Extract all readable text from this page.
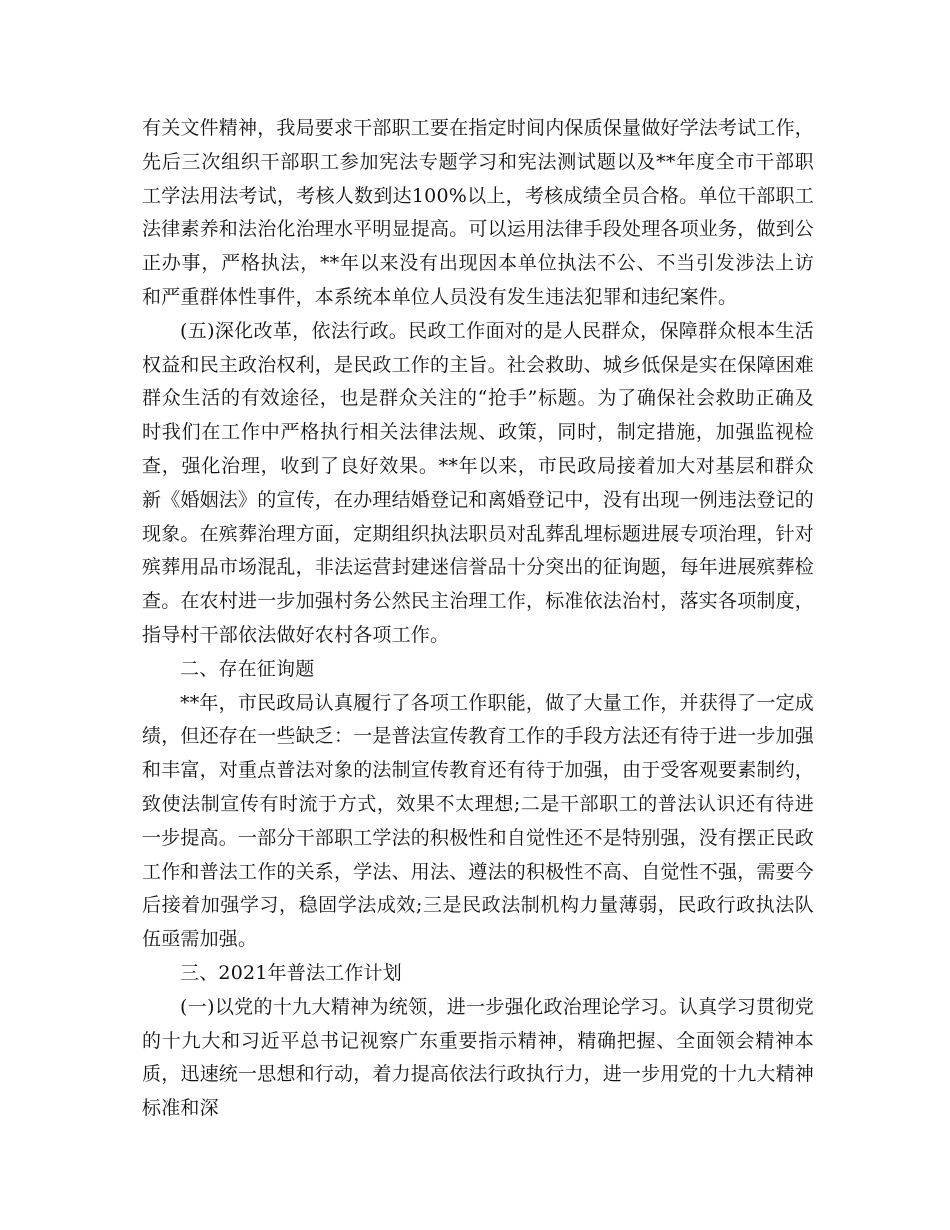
有关文件精神，我局要求干部职工要在指定时间内保质保量做好学法考试工作，先后三次组织干部职工参加宪法专题学习和宪法测试题以及**年度全市干部职工学法用法考试，考核人数到达100%以上，考核成绩全员合格。单位干部职工法律素养和法治化治理水平明显提高。可以运用法律手段处理各项业务，做到公正办事，严格执法，**年以来没有出现因本单位执法不公、不当引发涉法上访和严重群体性事件，本系统本单位人员没有发生违法犯罪和违纪案件。

(五)深化改革，依法行政。民政工作面对的是人民群众，保障群众根本生活权益和民主政治权利，是民政工作的主旨。社会救助、城乡低保是实在保障困难群众生活的有效途径，也是群众关注的“抢手”标题。为了确保社会救助正确及时我们在工作中严格执行相关法律法规、政策，同时，制定措施，加强监视检查，强化治理，收到了良好效果。**年以来，市民政局接着加大对基层和群众新《婚姻法》的宣传，在办理结婚登记和离婚登记中，没有出现一例违法登记的现象。在殡葬治理方面，定期组织执法职员对乱葬乱埋标题进展专项治理，针对殡葬用品市场混乱，非法运营封建迷信誉品十分突出的征询题，每年进展殡葬检查。在农村进一步加强村务公然民主治理工作，标准依法治村，落实各项制度，指导村干部依法做好农村各项工作。

二、存在征询题

**年，市民政局认真履行了各项工作职能，做了大量工作，并获得了一定成绩，但还存在一些缺乏：一是普法宣传教育工作的手段方法还有待于进一步加强和丰富，对重点普法对象的法制宣传教育还有待于加强，由于受客观要素制约，致使法制宣传有时流于方式，效果不太理想;二是干部职工的普法认识还有待进一步提高。一部分干部职工学法的积极性和自觉性还不是特别强，没有摆正民政工作和普法工作的关系，学法、用法、遵法的积极性不高、自觉性不强，需要今后接着加强学习，稳固学法成效;三是民政法制机构力量薄弱，民政行政执法队伍亟需加强。

三、2021年普法工作计划

(一)以党的十九大精神为统领，进一步强化政治理论学习。认真学习贯彻党的十九大和习近平总书记视察广东重要指示精神，精确把握、全面领会精神本质，迅速统一思想和行动，着力提高依法行政执行力，进一步用党的十九大精神标准和深
